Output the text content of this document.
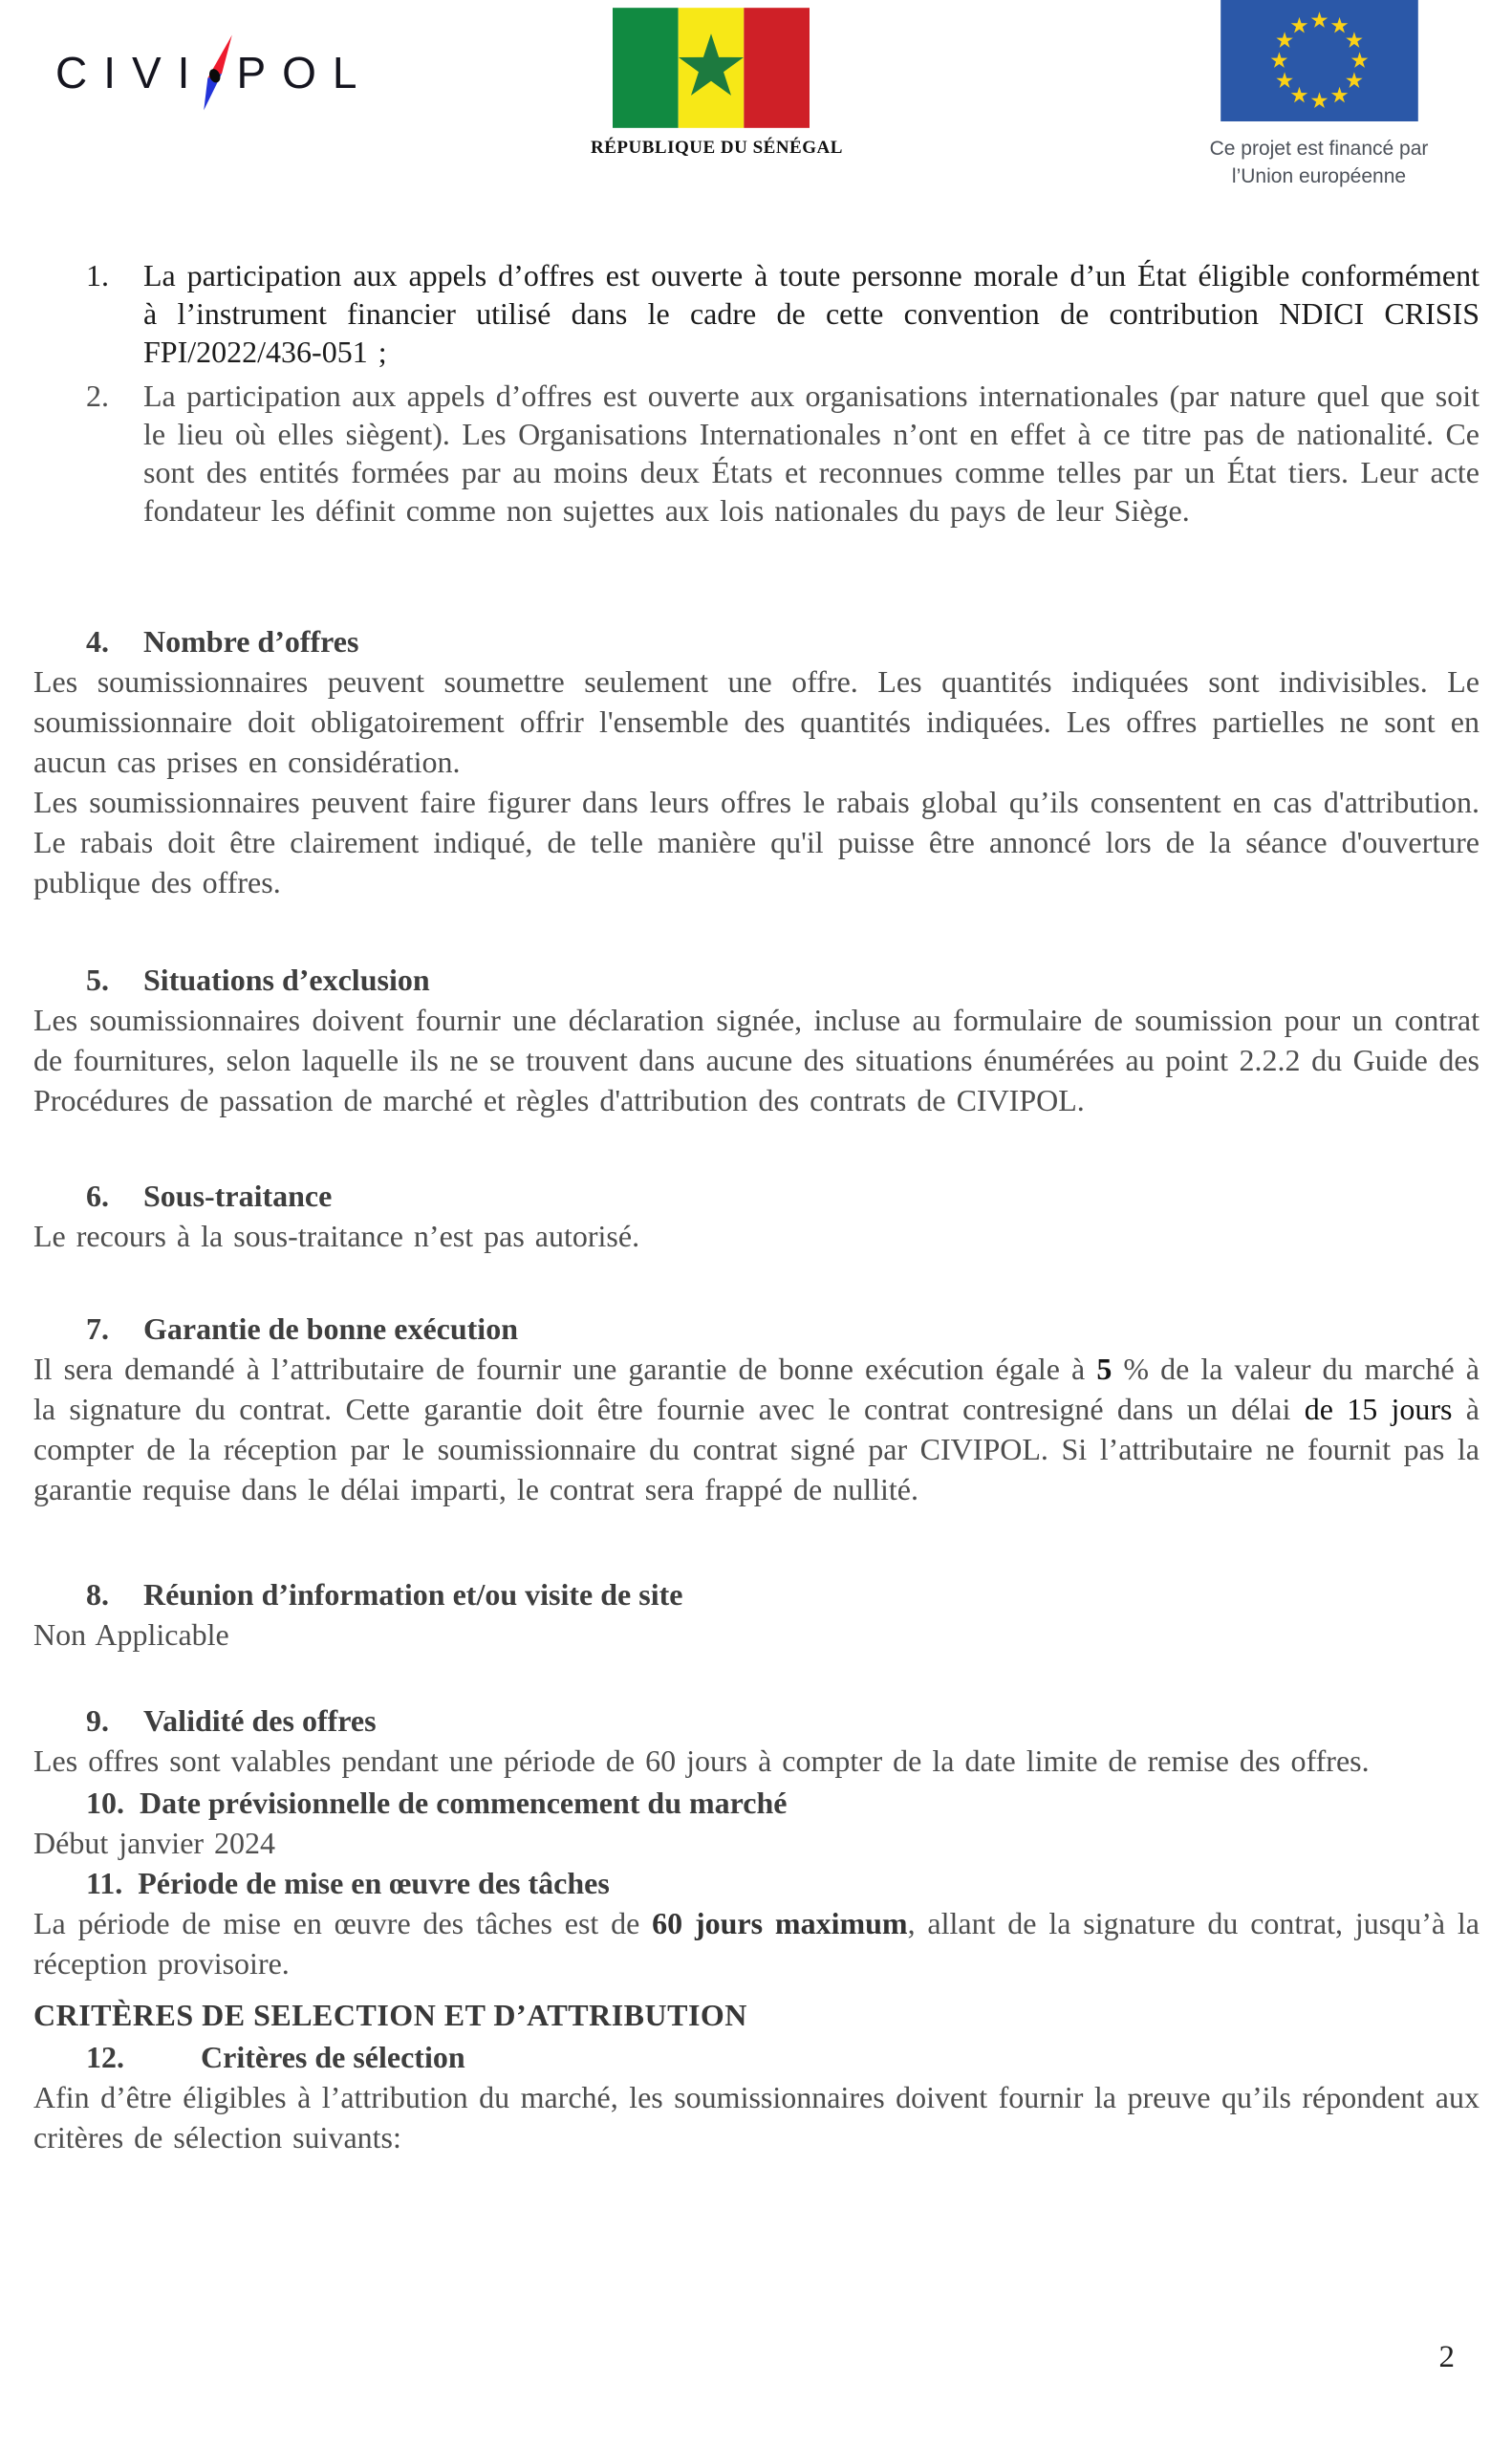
CIVI POL
RÉPUBLIQUE DU SÉNÉGAL	Ce projet est financé par
l’Union européenne
1.	La participation aux appels d’offres est ouverte à toute personne morale d’un État éligible conformément à l’instrument financier utilisé dans le cadre de cette convention de contribution NDICI CRISIS FPI/2022/436-051 ;

2.	La participation aux appels d’offres est ouverte aux organisations internationales (par nature quel que soit le lieu où elles siègent). Les Organisations Internationales n’ont en effet à ce titre pas de nationalité. Ce sont des entités formées par au moins deux États et reconnues comme telles par un État tiers. Leur acte fondateur les définit comme non sujettes aux lois nationales du pays de leur Siège.

4.	Nombre d’offres

Les soumissionnaires peuvent soumettre seulement une offre. Les quantités indiquées sont indivisibles. Le soumissionnaire doit obligatoirement offrir l'ensemble des quantités indiquées. Les offres partielles ne sont en aucun cas prises en considération.

Les soumissionnaires peuvent faire figurer dans leurs offres le rabais global qu’ils consentent en cas d'attribution. Le rabais doit être clairement indiqué, de telle manière qu'il puisse être annoncé lors de la séance d'ouverture publique des offres.

5.	Situations d’exclusion

Les soumissionnaires doivent fournir une déclaration signée, incluse au formulaire de soumission pour un contrat de fournitures, selon laquelle ils ne se trouvent dans aucune des situations énumérées au point 2.2.2 du Guide des Procédures de passation de marché et règles d'attribution des contrats de CIVIPOL.

6.	Sous-traitance

Le recours à la sous-traitance n’est pas autorisé.

7.	Garantie de bonne exécution

Il sera demandé à l’attributaire de fournir une garantie de bonne exécution égale à 5 % de la valeur du marché à la signature du contrat. Cette garantie doit être fournie avec le contrat contresigné dans un délai de 15 jours à compter de la réception par le soumissionnaire du contrat signé par CIVIPOL. Si l’attributaire ne fournit pas la garantie requise dans le délai imparti, le contrat sera frappé de nullité.

8.	Réunion d’information et/ou visite de site

Non Applicable

9.	Validité des offres

Les offres sont valables pendant une période de 60 jours à compter de la date limite de remise des offres.

10. Date prévisionnelle de commencement du marché

Début janvier 2024

11. Période de mise en œuvre des tâches

La période de mise en œuvre des tâches est de 60 jours maximum, allant de la signature du contrat, jusqu’à la réception provisoire.

CRITÈRES DE SELECTION ET D’ATTRIBUTION
12.	Critères de sélection

Afin d’être éligibles à l’attribution du marché, les soumissionnaires doivent fournir la preuve qu’ils répondent aux critères de sélection suivants:

2
